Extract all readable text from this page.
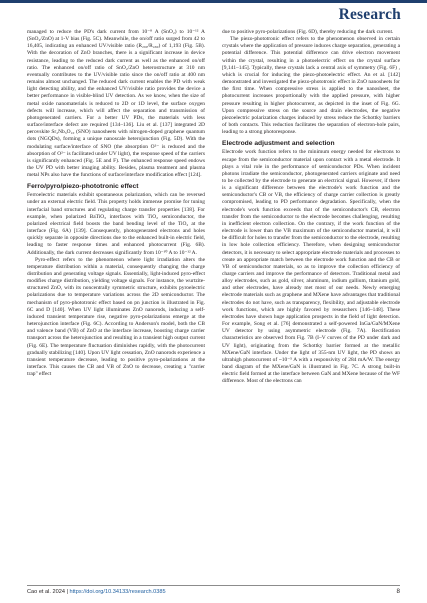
Research

managed to reduce the PD's dark current from 10⁻⁸ A (SnO₂) to 10⁻¹² A (SnO₂/ZnO) at 1-V bias (Fig. 5C). Meanwhile, the on/off ratio surged from 42 to 16,405, indicating an enhanced UV/visible ratio (R₂₉₀/R₄₈₀) of 1,193 (Fig. 5B). With the decoration of ZnO branches, there is a significant increase in device resistance, leading to the reduced dark current as well as the enhanced on/off ratio. The enhanced on/off ratio of SnO₂/ZnO heterostructure at 310 nm eventually contributes to the UV/visible ratio since the on/off ratio at 400 nm remains almost unchanged. The reduced dark current enables the PD with weak light detecting ability, and the enhanced UV/visible ratio provides the device a better performance in visible-blind UV detection. As we know, when the size of metal oxide nanomaterials is reduced to 2D or 1D level, the surface oxygen defects will increase, which will affect the separation and transmission of photogenerated carriers. For a better UV PDs, the materials with less surface/interface defect are required [134–136]. Liu et al. [137] integrated 2D perovskite Sr₂Nb₃O₁₀ (SNO) nanosheets with nitrogen-doped graphene quantum dots (NGQDs), forming a unique nanoscale heterojunction (Fig. 5D). With the modulating surface/interface of SNO (the absorption O²⁻ is reduced and the absorption of O²⁻ is facilitated under UV light), the response speed of the carriers is significantly enhanced (Fig. 5E and F). The enhanced response speed endows the UV PD with better imaging ability. Besides, plasma treatment and plasma metal NPs also have the functions of surface/interface modification effect [124].

Ferro/pyro/piezo-phototronic effect

Ferroelectric materials exhibit spontaneous polarization, which can be reversed under an external electric field. This property holds immense promise for tuning interfacial band structures and regulating charge transfer properties [138]. For example, when polarized BaTiO₃ interfaces with TiO₂ semiconductor, the polarized electrical field boosts the band bending level of the TiO₂ at the interface (Fig. 6A) [139]. Consequently, photogenerated electrons and holes quickly separate in opposite directions due to the enhanced built-in electric field, leading to faster response times and enhanced photocurrent (Fig. 6B). Additionally, the dark current decreases significantly from 10⁻¹⁰ A to 10⁻¹² A.

Pyro-effect refers to the phenomenon where light irradiation alters the temperature distribution within a material, consequently changing the charge distribution and generating voltage signals. Essentially, light-induced pyro-effect modifies charge distribution, yielding voltage signals. For instance, the wurtzite-structured ZnO, with its noncentrally symmetric structure, exhibits pyroelectric polarizations due to temperature variations across the 2D semiconductor. The mechanism of pyro-phototronic effect based on pn junction is illustrated in Fig. 6C and D [140]. When UV light illuminates ZnO nanorods, inducing a self-induced transient temperature rise, negative pyro-polarizations emerge at the heterojunction interface (Fig. 6C). According to Anderson's model, both the CB and valence band (VB) of ZnO at the interface increase, boosting charge carrier transport across the heterojunction and resulting in a transient high output current (Fig. 6E). The temperature fluctuation diminishes rapidly, with the photocurrent gradually stabilizing [140]. Upon UV light cessation, ZnO nanorods experience a transient temperature decrease, leading to positive pyro-polarizations at the interface. This causes the CB and VB of ZnO to decrease, creating a "carrier trap" effect

due to positive pyro-polarizations (Fig. 6D), thereby reducing the dark current.

The piezo-phototronic effect refers to the phenomenon observed in certain crystals where the application of pressure induces charge separation, generating a potential difference. This potential difference can drive electron movement within the crystal, resulting in a photoelectric effect on the crystal surface [9,141–145]. Typically, these crystals lack a central axis of symmetry (Fig. 6F) , which is crucial for inducing the piezo-photoelectric effect. An et al. [142] demonstrated and investigated the piezo-phototronic effect in ZnO nanosheets for the first time. When compressive stress is applied to the nanosheet, the photocurrent increases proportionally with the applied pressure, with higher pressure resulting in higher photocurrent, as depicted in the inset of Fig. 6G. Upon compressive stress on the source and drain electrodes, the negative piezoelectric polarization charges induced by stress reduce the Schottky barriers of both contacts. This reduction facilitates the separation of electron-hole pairs, leading to a strong photoresponse.

Electrode adjustment and selection

Electrode work function refers to the minimum energy needed for electrons to escape from the semiconductor material upon contact with a metal electrode. It plays a vital role in the performance of semiconductor PDs. When incident photons irradiate the semiconductor, photogenerated carriers originate and need to be collected by the electrode to generate an electrical signal. However, if there is a significant difference between the electrode's work function and the semiconductor's CB or VB, the efficiency of charge carrier collection is greatly compromised, leading to PD performance degradation. Specifically, when the electrode's work function exceeds that of the semiconductor's CB, electron transfer from the semiconductor to the electrode becomes challenging, resulting in inefficient electron collection. On the contrary, if the work function of the electrode is lower than the VB maximum of the semiconductor material, it will be difficult for holes to transfer from the semiconductor to the electrode, resulting in low hole collection efficiency. Therefore, when designing semiconductor detectors, it is necessary to select appropriate electrode materials and processes to create an appropriate match between the electrode work function and the CB or VB of semiconductor materials, so as to improve the collection efficiency of charge carriers and improve the performance of detectors. Traditional metal and alloy electrodes, such as gold, silver, aluminum, indium gallium, titanium gold, and other electrodes, have already met most of our needs. Newly emerging electrode materials such as graphene and MXene have advantages that traditional electrodes do not have, such as transparency, flexibility, and adjustable electrode work functions, which are highly favored by researchers [146–148]. These electrodes have shown huge application prospects in the field of light detection. For example, Song et al. [76] demonstrated a self-powered InGa/GaN/MXene UV detector by using asymmetric electrode (Fig. 7A). Rectification characteristics are observed from Fig. 7B (I–V curves of the PD under dark and UV light), originating from the Schottky barrier formed at the metallic MXene/GaN interface. Under the light of 355-nm UV light, the PD shows an ultrahigh photocurrent of ~10⁻⁵ A with a responsivity of 284 mA/W. The energy band diagram of the MXene/GaN is illustrated in Fig. 7C. A strong built-in electric field formed at the interface between GaN and MXene because of the WF difference. Most of the electrons can

Cao et al. 2024 | https://doi.org/10.34133/research.0385	8
